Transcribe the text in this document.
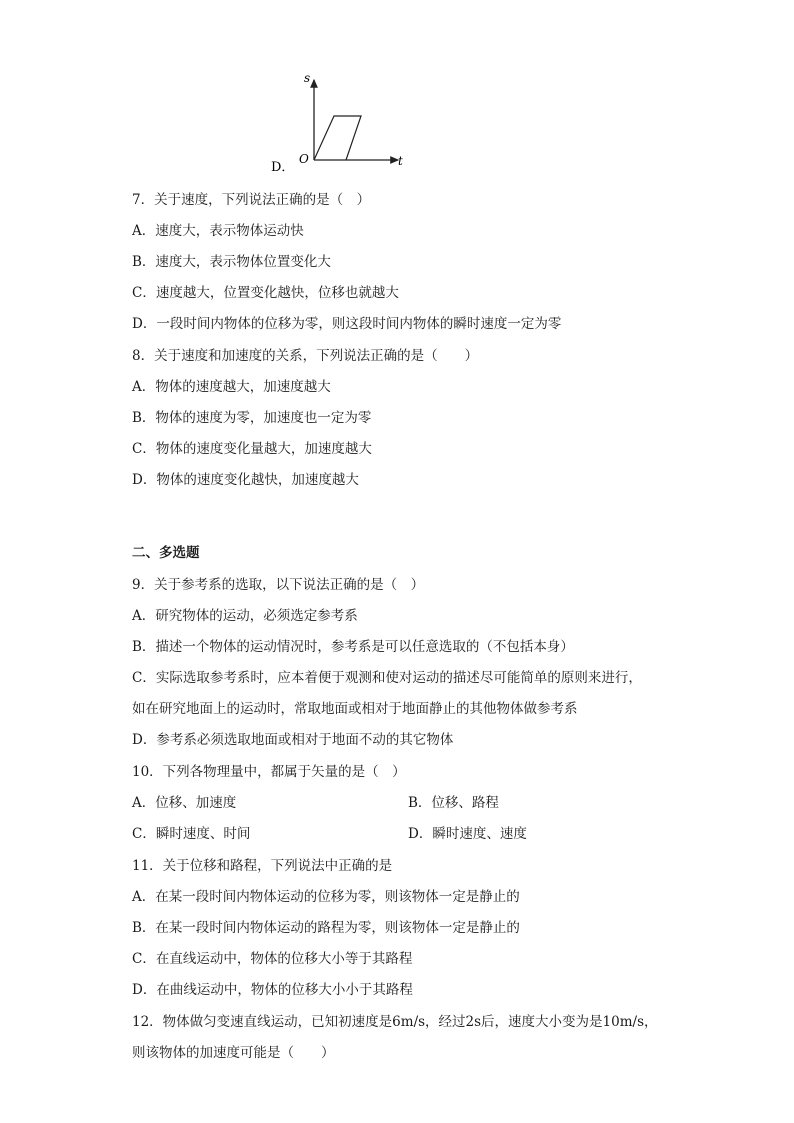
s
t
O
D．
7．关于速度，下列说法正确的是（　）
A．速度大，表示物体运动快
B．速度大，表示物体位置变化大
C．速度越大，位置变化越快，位移也就越大
D．一段时间内物体的位移为零，则这段时间内物体的瞬时速度一定为零
8．关于速度和加速度的关系，下列说法正确的是（　　）
A．物体的速度越大，加速度越大
B．物体的速度为零，加速度也一定为零
C．物体的速度变化量越大，加速度越大
D．物体的速度变化越快，加速度越大
二、多选题
9．关于参考系的选取，以下说法正确的是（　）
A．研究物体的运动，必须选定参考系
B．描述一个物体的运动情况时，参考系是可以任意选取的（不包括本身）
C．实际选取参考系时，应本着便于观测和使对运动的描述尽可能简单的原则来进行，
如在研究地面上的运动时，常取地面或相对于地面静止的其他物体做参考系
D．参考系必须选取地面或相对于地面不动的其它物体
10．下列各物理量中，都属于矢量的是（　）
A．位移、加速度	B．位移、路程
C．瞬时速度、时间	D．瞬时速度、速度
11．关于位移和路程，下列说法中正确的是
A．在某一段时间内物体运动的位移为零，则该物体一定是静止的
B．在某一段时间内物体运动的路程为零，则该物体一定是静止的
C．在直线运动中，物体的位移大小等于其路程
D．在曲线运动中，物体的位移大小小于其路程
12．物体做匀变速直线运动，已知初速度是6m/s，经过2s后，速度大小变为是10m/s，
则该物体的加速度可能是（　　）
